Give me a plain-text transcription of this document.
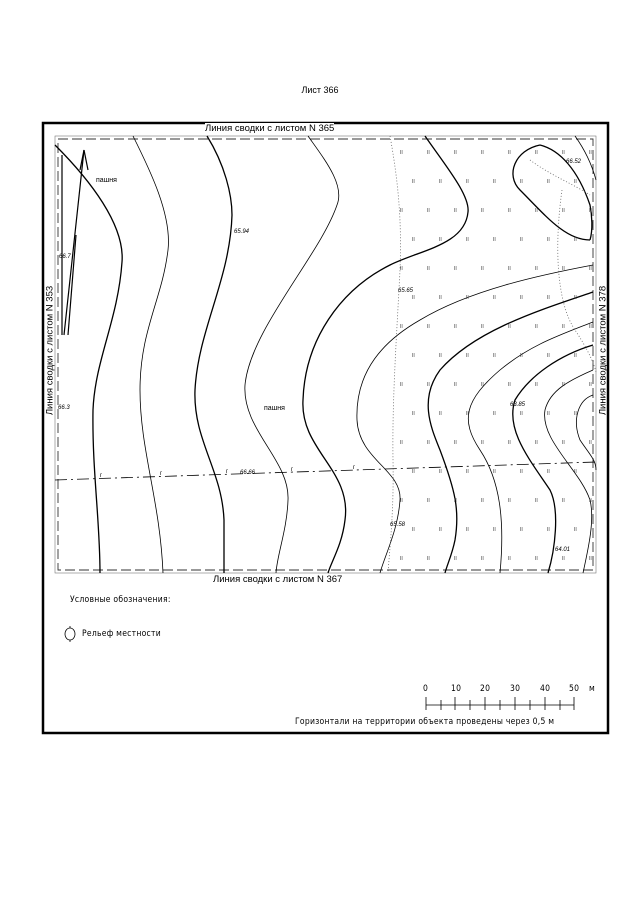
Лист 366
II	II	II	II	II	II	II	II
II	II	II	II	II	II	II
II	II	II	II	II	II	II	II
II	II	II	II	II	II	II
II	II	II	II	II	II	II	II
II	II	II	II	II	II	II
II	II	II	II	II	II	II	II
II	II	II	II	II	II	II
II	II	II	II	II	II	II	II
II	II	II	II	II	II	II
II	II	II	II	II	II	II	II
II	II	II	II	II	II	II
II	II	II	II	II	II	II	II
II	II	II	II	II	II	II
II	II	II	II	II	II	II	II
Линия сводки с листом N 365
Линия сводки с листом N 367
Линия сводки с листом N 353	Линия сводки с листом N 378
пашня
пашня
65.94
66.7
66.3
66.66
65.65
66.52
63.85
65.58
64.01
г	г	г	г	г
Условные обозначения:
Рельеф местности
0	10 20 30 40 50 м
Горизонтали на территории объекта проведены через 0,5 м
